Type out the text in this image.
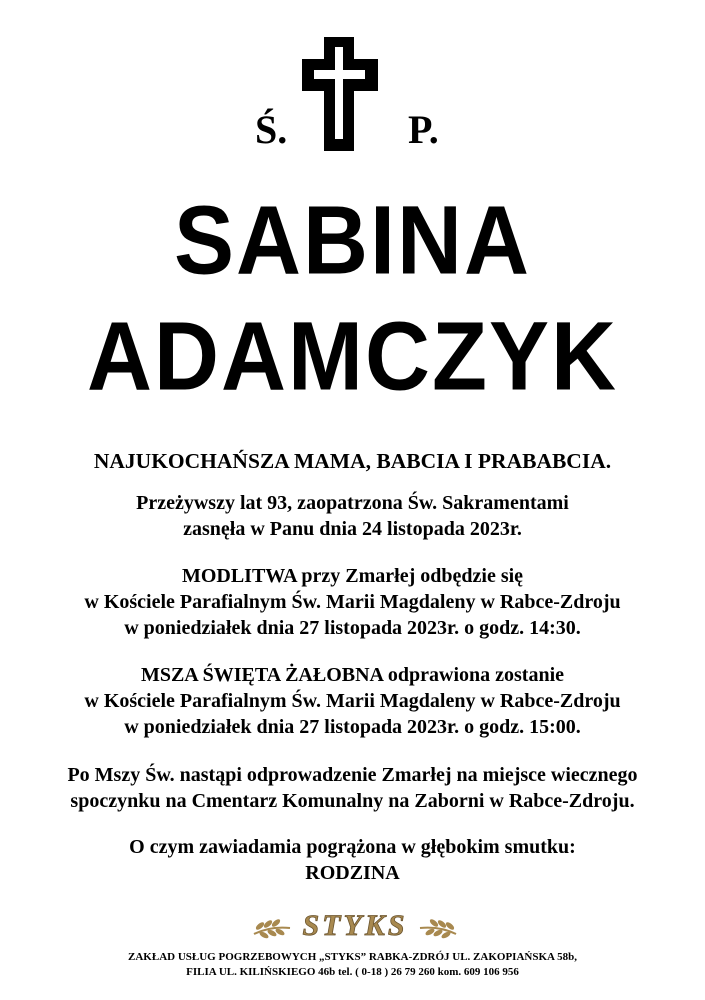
Ś.	P.
SABINA
ADAMCZYK
NAJUKOCHAŃSZA MAMA, BABCIA I PRABABCIA.

Przeżywszy lat 93, zaopatrzona Św. Sakramentami

zasnęła w Panu dnia 24 listopada 2023r.

MODLITWA przy Zmarłej odbędzie się

w Kościele Parafialnym Św. Marii Magdaleny w Rabce-Zdroju

w poniedziałek dnia 27 listopada 2023r. o godz. 14:30.

MSZA ŚWIĘTA ŻAŁOBNA odprawiona zostanie

w Kościele Parafialnym Św. Marii Magdaleny w Rabce-Zdroju

w poniedziałek dnia 27 listopada 2023r. o godz. 15:00.

Po Mszy Św. nastąpi odprowadzenie Zmarłej na miejsce wiecznego

spoczynku na Cmentarz Komunalny na Zaborni w Rabce-Zdroju.

O czym zawiadamia pogrążona w głębokim smutku:

RODZINA

STYKS

ZAKŁAD USŁUG POGRZEBOWYCH „STYKS” RABKA-ZDRÓJ UL. ZAKOPIAŃSKA 58b,

FILIA UL. KILIŃSKIEGO 46b tel. ( 0-18 ) 26 79 260 kom. 609 106 956
